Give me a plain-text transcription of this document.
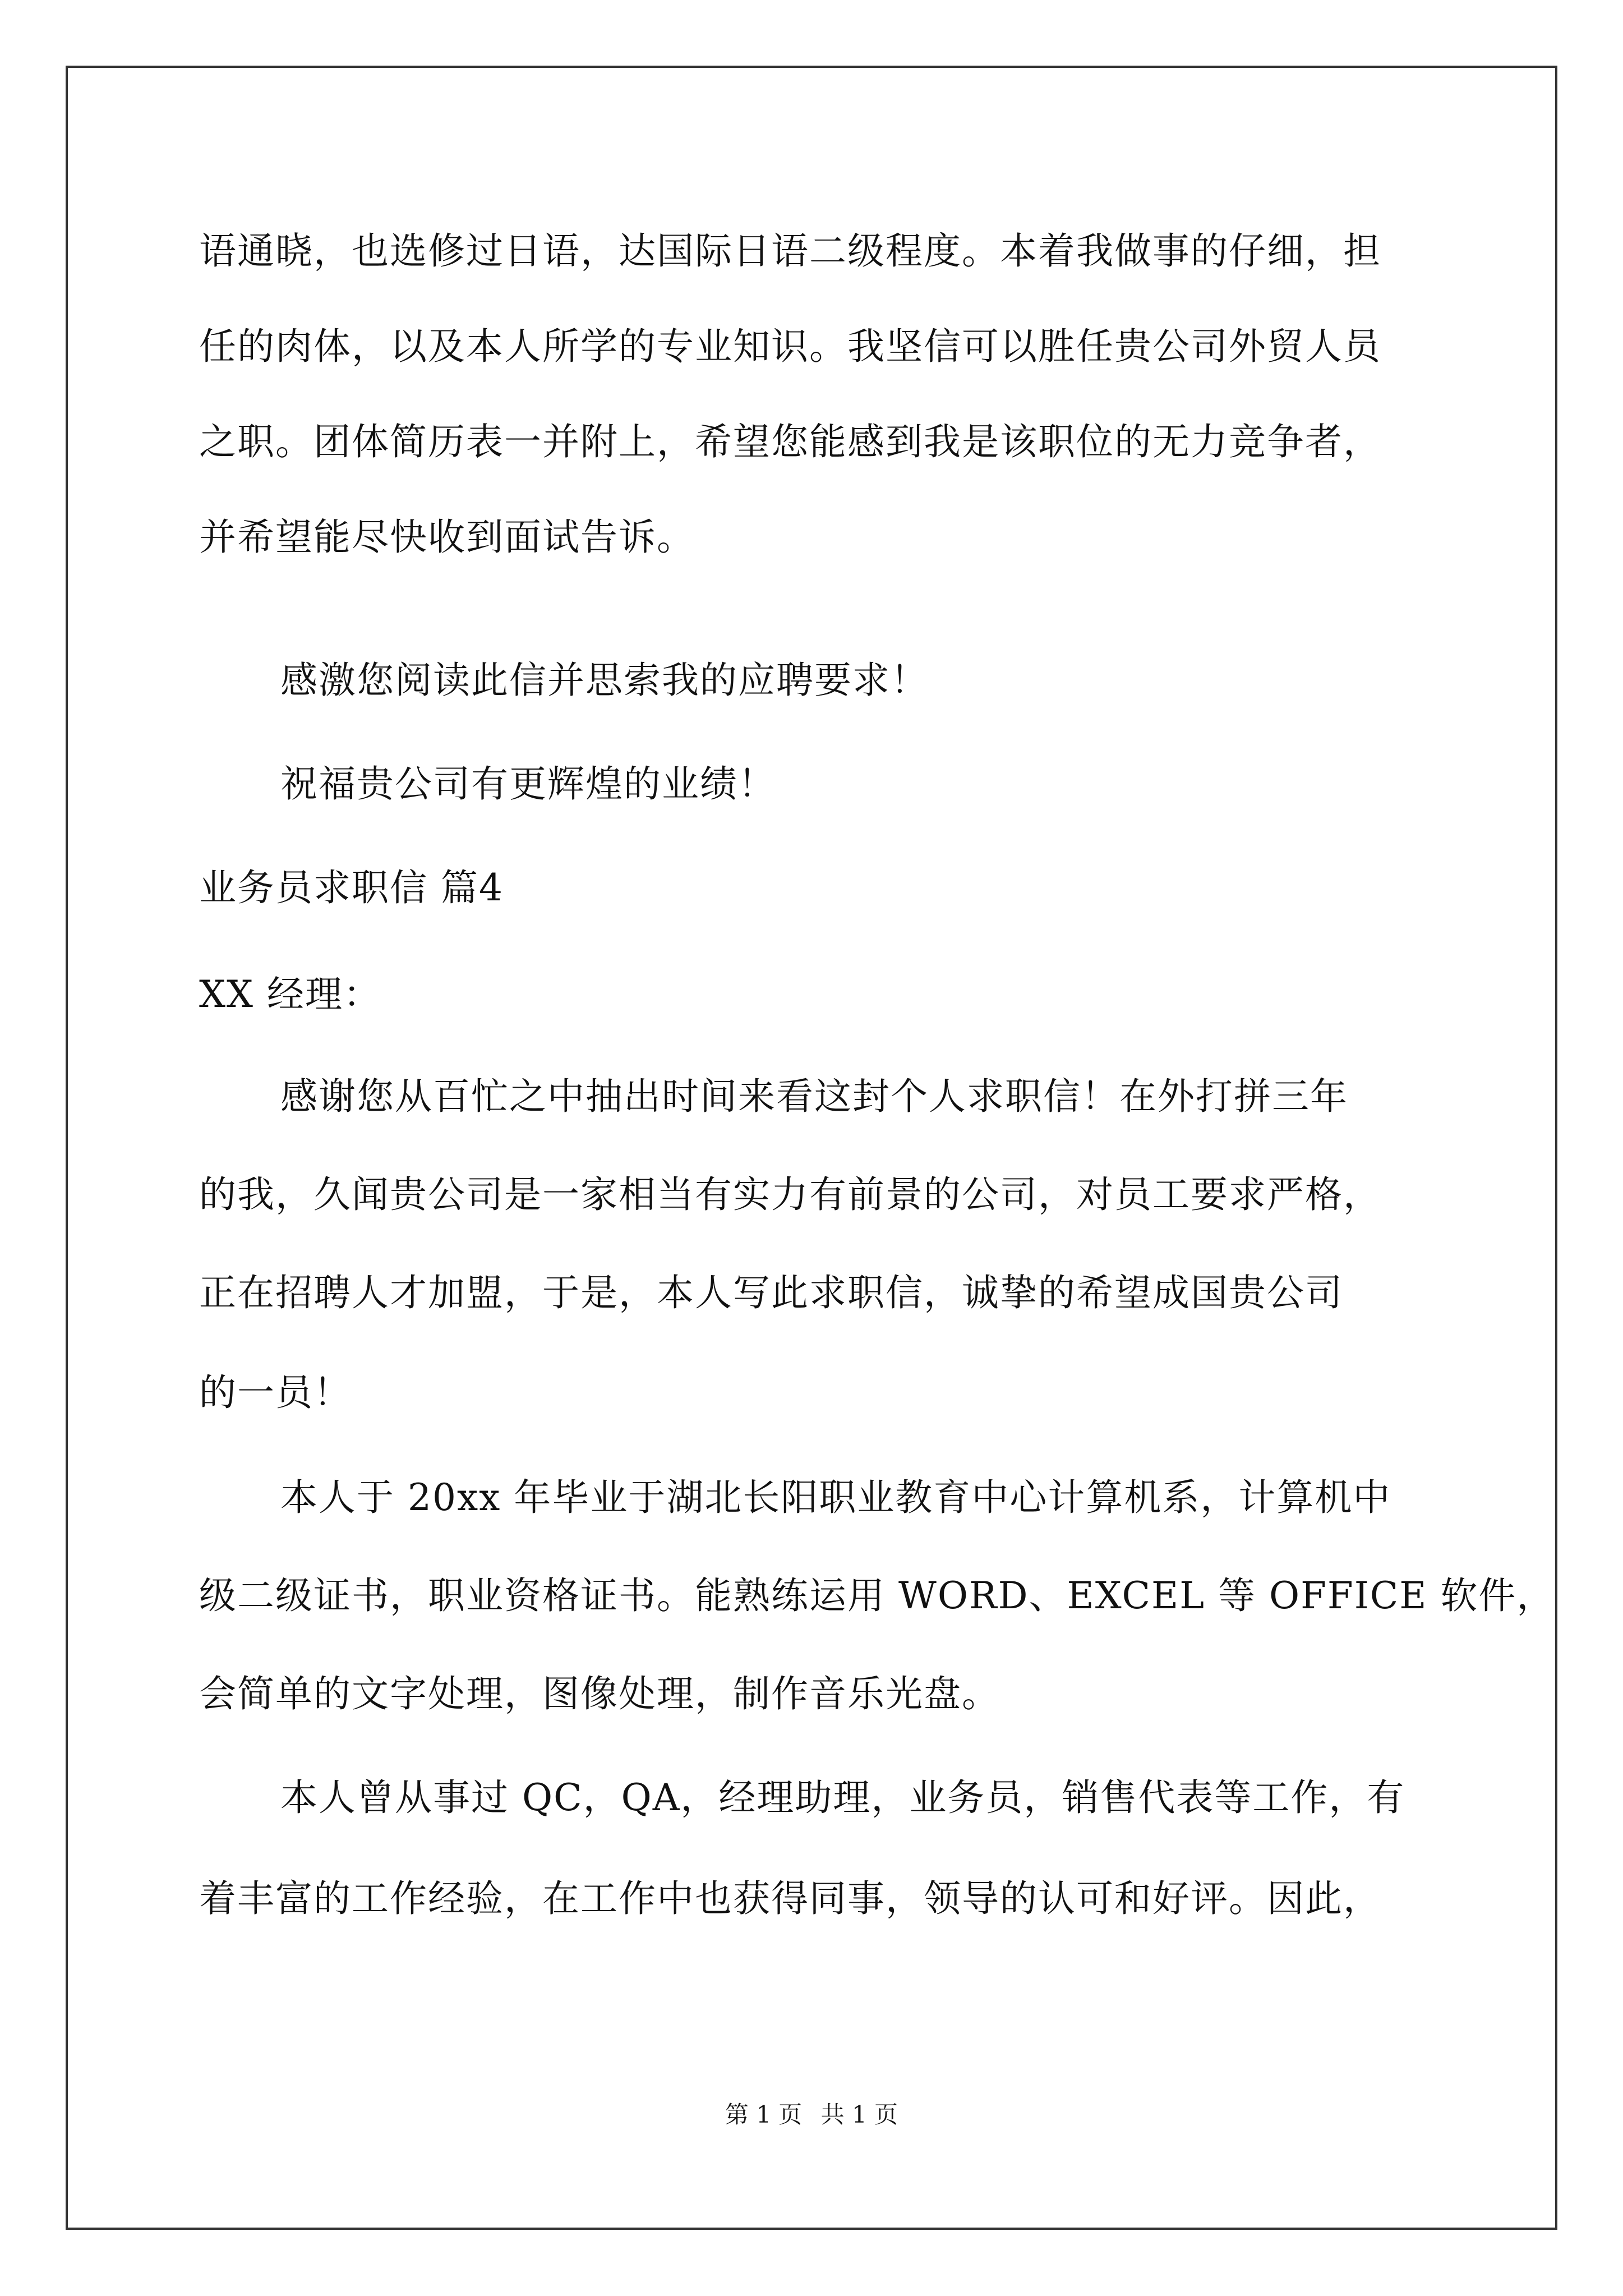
语通晓，也选修过日语，达国际日语二级程度。本着我做事的仔细，担
任的肉体，以及本人所学的专业知识。我坚信可以胜任贵公司外贸人员
之职。团体简历表一并附上，希望您能感到我是该职位的无力竞争者，
并希望能尽快收到面试告诉。
感激您阅读此信并思索我的应聘要求！
祝福贵公司有更辉煌的业绩！
业务员求职信 篇4
XX 经理：
感谢您从百忙之中抽出时间来看这封个人求职信！在外打拼三年
的我，久闻贵公司是一家相当有实力有前景的公司，对员工要求严格，
正在招聘人才加盟，于是，本人写此求职信，诚挚的希望成国贵公司
的一员！
本人于 20xx 年毕业于湖北长阳职业教育中心计算机系，计算机中
级二级证书，职业资格证书。能熟练运用 WORD、EXCEL 等 OFFICE 软件，
会简单的文字处理，图像处理，制作音乐光盘。
本人曾从事过 QC，QA，经理助理，业务员，销售代表等工作，有
着丰富的工作经验，在工作中也获得同事，领导的认可和好评。因此，
第 1 页 共 1 页
